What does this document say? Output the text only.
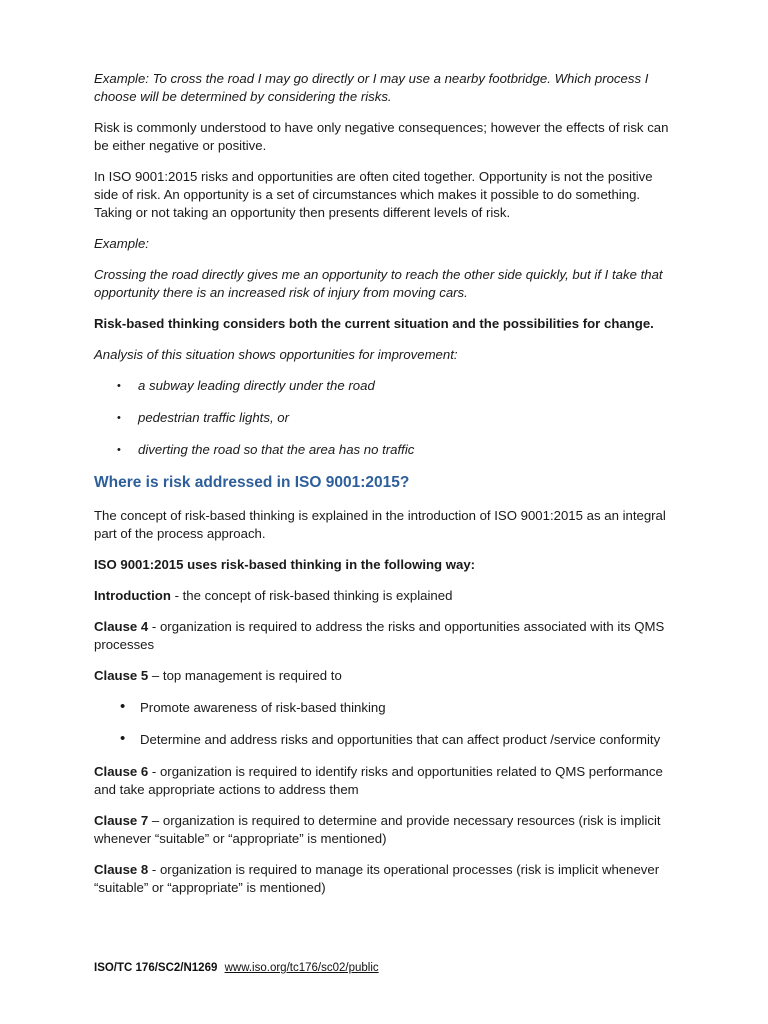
Example: To cross the road I may go directly or I may use a nearby footbridge. Which process I choose will be determined by considering the risks.

Risk is commonly understood to have only negative consequences; however the effects of risk can be either negative or positive.

In ISO 9001:2015 risks and opportunities are often cited together. Opportunity is not the positive side of risk. An opportunity is a set of circumstances which makes it possible to do something. Taking or not taking an opportunity then presents different levels of risk.

Example:

Crossing the road directly gives me an opportunity to reach the other side quickly, but if I take that opportunity there is an increased risk of injury from moving cars.

Risk-based thinking considers both the current situation and the possibilities for change.

Analysis of this situation shows opportunities for improvement:

• a subway leading directly under the road
• pedestrian traffic lights, or
• diverting the road so that the area has no traffic
Where is risk addressed in ISO 9001:2015?

The concept of risk-based thinking is explained in the introduction of ISO 9001:2015 as an integral part of the process approach.

ISO 9001:2015 uses risk-based thinking in the following way:

Introduction - the concept of risk-based thinking is explained

Clause 4 - organization is required to address the risks and opportunities associated with its QMS processes

Clause 5 – top management is required to

• Promote awareness of risk-based thinking
• Determine and address risks and opportunities that can affect product /service conformity

Clause 6 - organization is required to identify risks and opportunities related to QMS performance and take appropriate actions to address them

Clause 7 – organization is required to determine and provide necessary resources (risk is implicit whenever “suitable” or “appropriate” is mentioned)

Clause 8 - organization is required to manage its operational processes (risk is implicit whenever “suitable” or “appropriate” is mentioned)

ISO/TC 176/SC2/N1269 www.iso.org/tc176/sc02/public
